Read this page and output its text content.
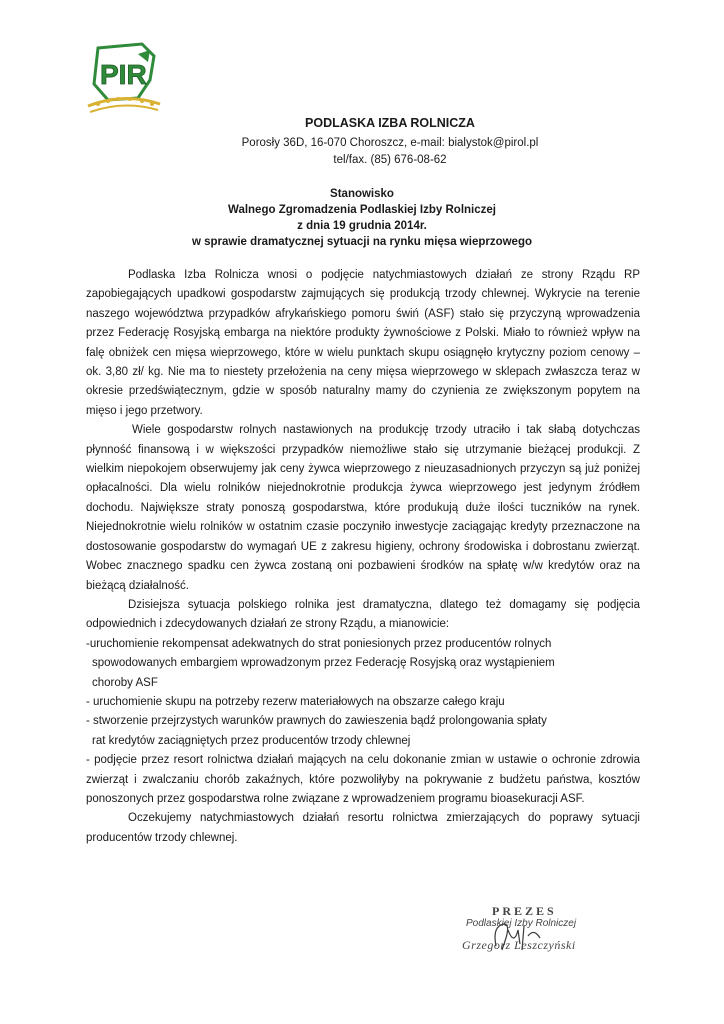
PIR
PODLASKA IZBA ROLNICZA
Porosły 36D, 16-070 Choroszcz, e-mail: bialystok@pirol.pl
tel/fax. (85) 676-08-62
Stanowisko
Walnego Zgromadzenia Podlaskiej Izby Rolniczej
z dnia 19 grudnia 2014r.
w sprawie dramatycznej sytuacji na rynku mięsa wieprzowego

Podlaska Izba Rolnicza wnosi o podjęcie natychmiastowych działań ze strony Rządu RP zapobiegających upadkowi gospodarstw zajmujących się produkcją trzody chlewnej. Wykrycie na terenie naszego województwa przypadków afrykańskiego pomoru świń (ASF) stało się przyczyną wprowadzenia przez Federację Rosyjską embarga na niektóre produkty żywnościowe z Polski. Miało to również wpływ na falę obniżek cen mięsa wieprzowego, które w wielu punktach skupu osiągnęło krytyczny poziom cenowy – ok. 3,80 zł/ kg. Nie ma to niestety przełożenia na ceny mięsa wieprzowego w sklepach zwłaszcza teraz w okresie przedświątecznym, gdzie w sposób naturalny mamy do czynienia ze zwiększonym popytem na mięso i jego przetwory.

Wiele gospodarstw rolnych nastawionych na produkcję trzody utraciło i tak słabą dotychczas płynność finansową i w większości przypadków niemożliwe stało się utrzymanie bieżącej produkcji. Z wielkim niepokojem obserwujemy jak ceny żywca wieprzowego z nieuzasadnionych przyczyn są już poniżej opłacalności. Dla wielu rolników niejednokrotnie produkcja żywca wieprzowego jest jedynym źródłem dochodu. Największe straty ponoszą gospodarstwa, które produkują duże ilości tuczników na rynek. Niejednokrotnie wielu rolników w ostatnim czasie poczyniło inwestycje zaciągając kredyty przeznaczone na dostosowanie gospodarstw do wymagań UE z zakresu higieny, ochrony środowiska i dobrostanu zwierząt. Wobec znacznego spadku cen żywca zostaną oni pozbawieni środków na spłatę w/w kredytów oraz na bieżącą działalność.

Dzisiejsza sytuacja polskiego rolnika jest dramatyczna, dlatego też domagamy się podjęcia odpowiednich i zdecydowanych działań ze strony Rządu, a mianowicie:

-uruchomienie rekompensat adekwatnych do strat poniesionych przez producentów rolnych
spowodowanych embargiem wprowadzonym przez Federację Rosyjską oraz wystąpieniem
choroby ASF
- uruchomienie skupu na potrzeby rezerw materiałowych na obszarze całego kraju
- stworzenie przejrzystych warunków prawnych do zawieszenia bądź prolongowania spłaty
rat kredytów zaciągniętych przez producentów trzody chlewnej

- podjęcie przez resort rolnictwa działań mających na celu dokonanie zmian w ustawie o ochronie zdrowia zwierząt i zwalczaniu chorób zakaźnych, które pozwoliłyby na pokrywanie z budżetu państwa, kosztów ponoszonych przez gospodarstwa rolne związane z wprowadzeniem programu bioasekuracji ASF.

Oczekujemy natychmiastowych działań resortu rolnictwa zmierzających do poprawy sytuacji producentów trzody chlewnej.

PREZES
Podlaskiej Izby Rolniczej
Grzegorz Leszczyński
